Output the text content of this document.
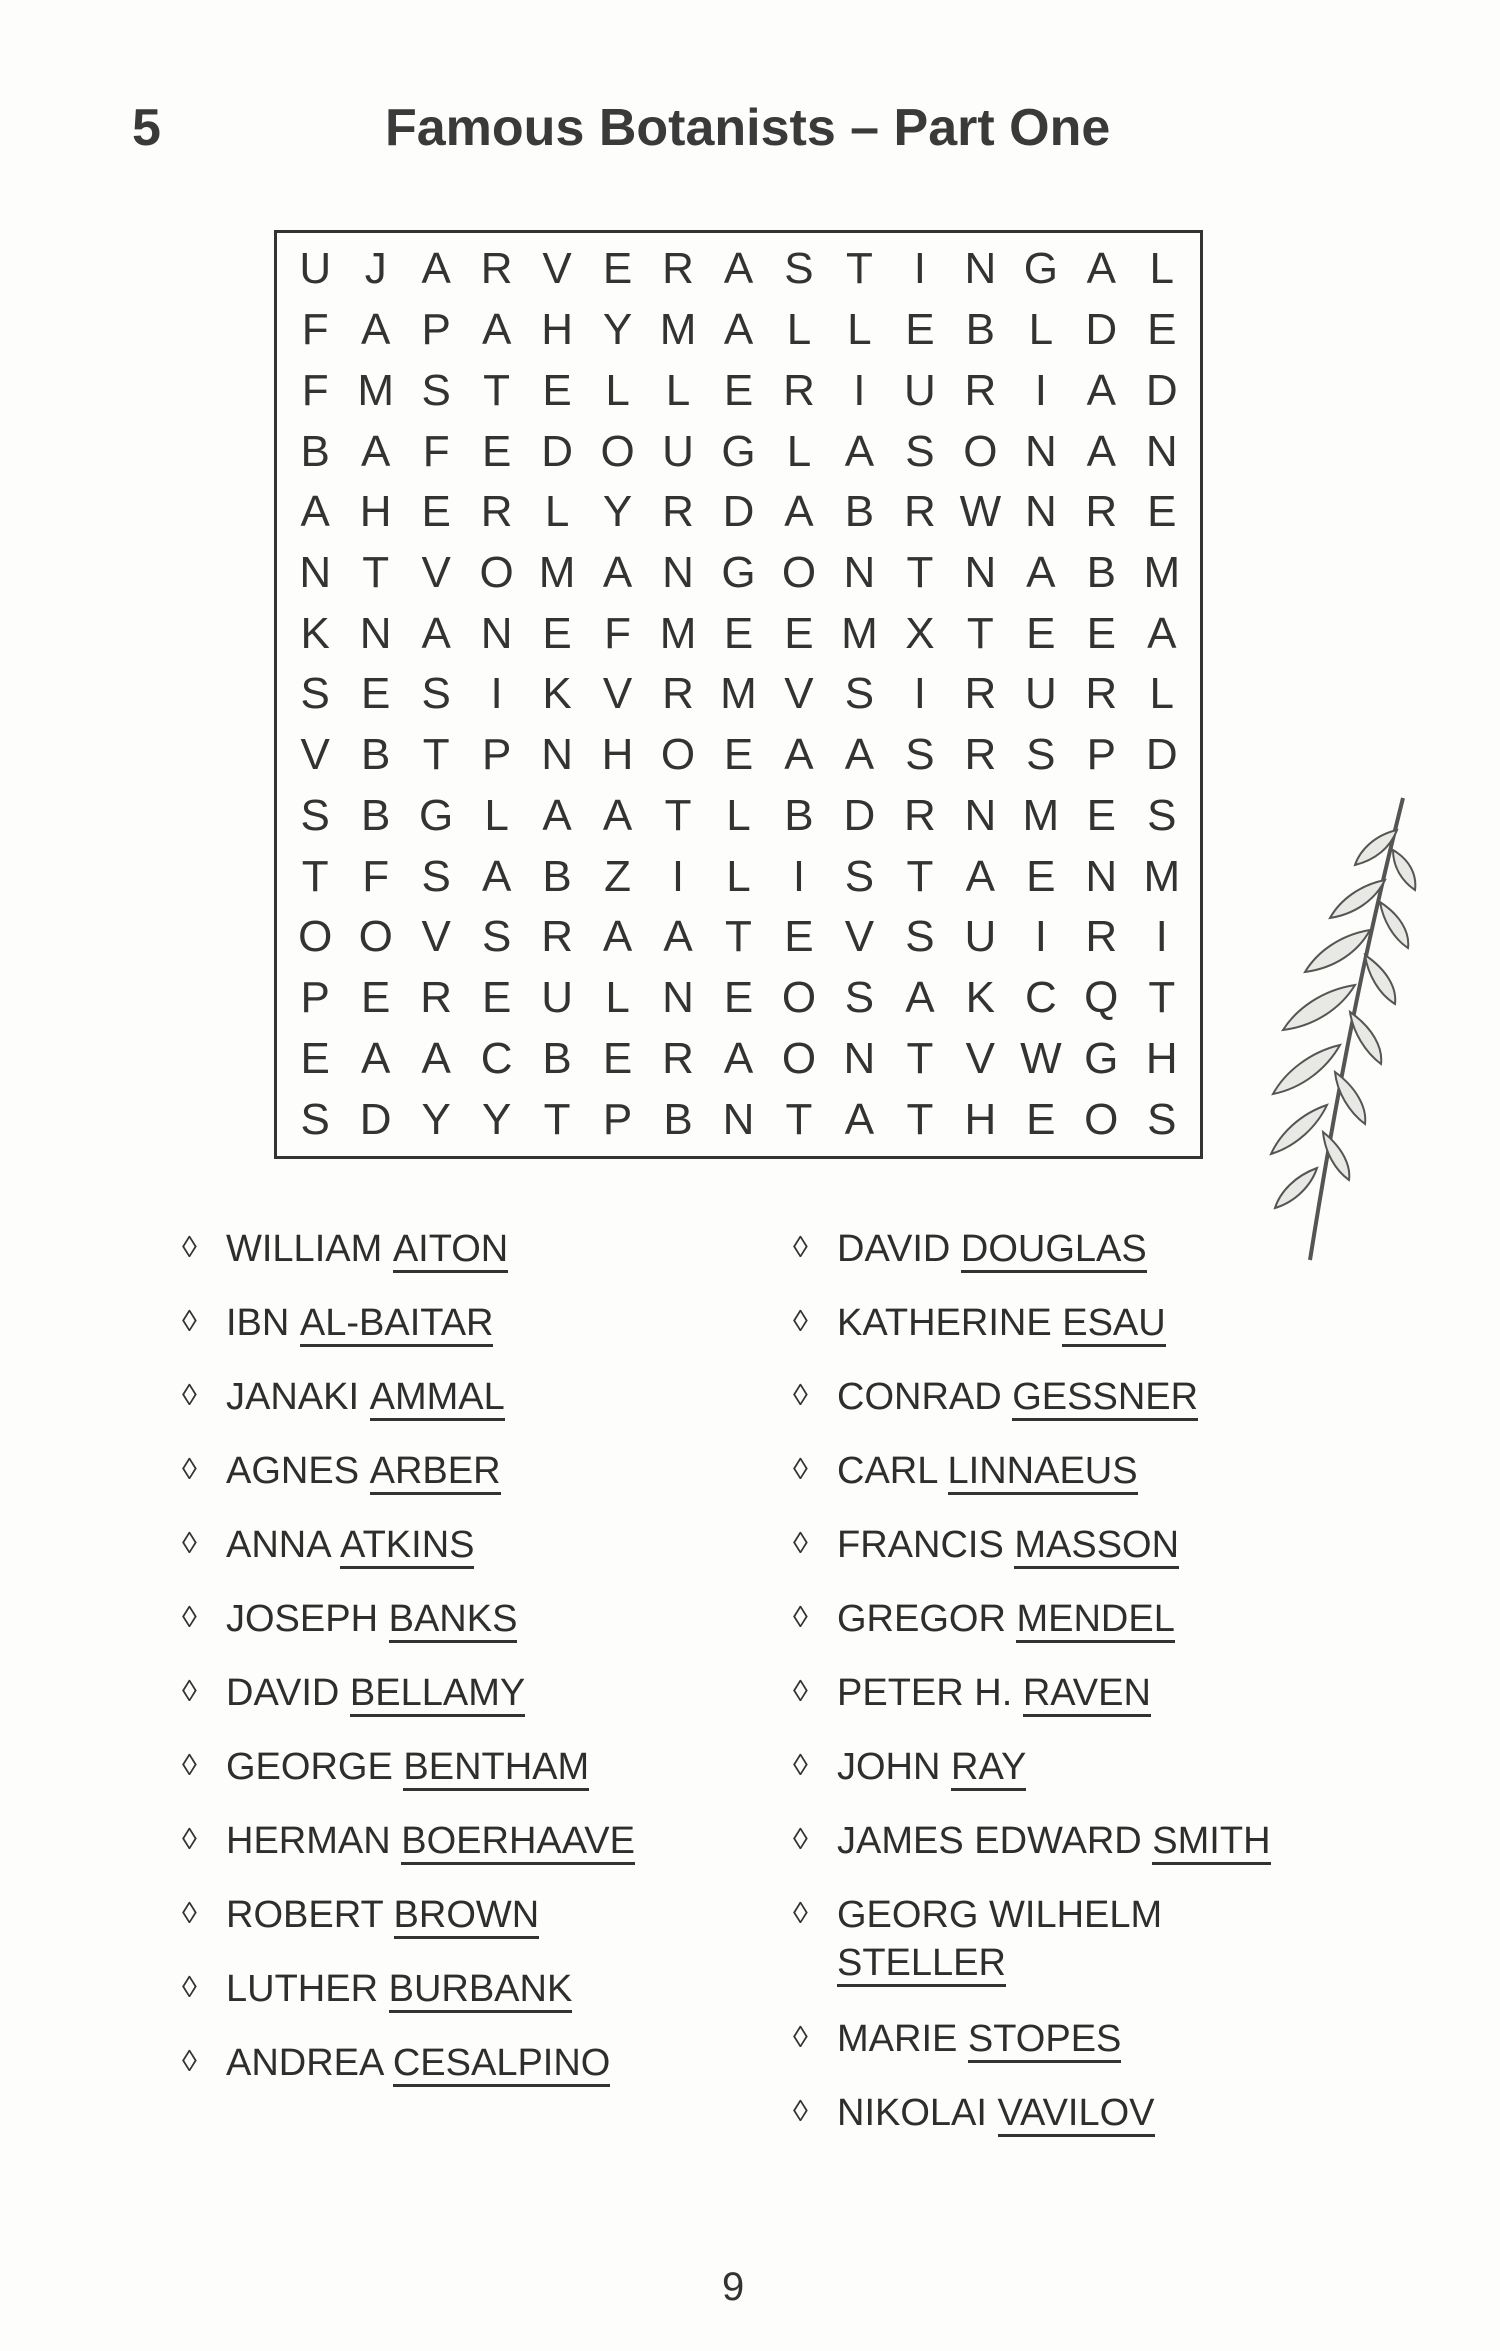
5	Famous Botanists – Part One
U J A R V E R A S T I N G A L
F A P A H Y M A L L E B L D E
F M S T E L L E R I U R I A D
B A F E D O U G L A S O N A N
A H E R L Y R D A B R W N R E
N T V O M A N G O N T N A B M
K N A N E F M E E M X T E E A
S E S I K V R M V S I R U R L
V B T P N H O E A A S R S P D
S B G L A A T L B D R N M E S
T F S A B Z I L I S T A E N M
O O V S R A A T E V S U I R I
P E R E U L N E O S A K C Q T
E A A C B E R A O N T V W G H
S D Y Y T P B N T A T H E O S
◊ WILLIAM AITON
◊ IBN AL-BAITAR
◊ JANAKI AMMAL
◊ AGNES ARBER
◊ ANNA ATKINS
◊ JOSEPH BANKS
◊ DAVID BELLAMY
◊ GEORGE BENTHAM
◊ HERMAN BOERHAAVE
◊ ROBERT BROWN
◊ LUTHER BURBANK
◊ ANDREA CESALPINO
◊ DAVID DOUGLAS
◊ KATHERINE ESAU
◊ CONRAD GESSNER
◊ CARL LINNAEUS
◊ FRANCIS MASSON
◊ GREGOR MENDEL
◊ PETER H. RAVEN
◊ JOHN RAY
◊ JAMES EDWARD SMITH
◊ GEORG WILHELM
STELLER
◊ MARIE STOPES
◊ NIKOLAI VAVILOV
9
